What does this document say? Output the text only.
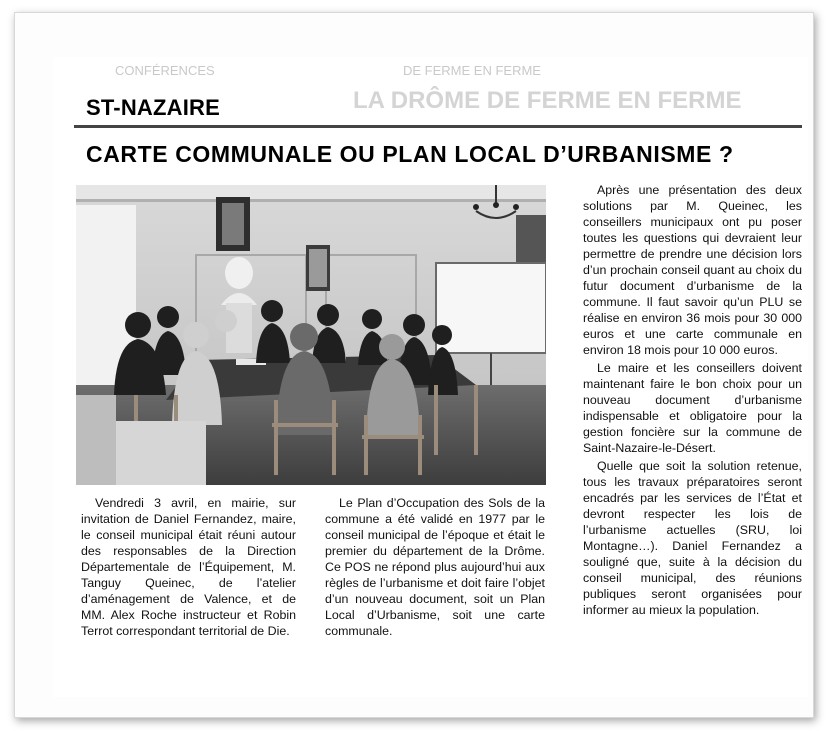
CONFÉRENCES	DE FERME EN FERME
LA DRÔME DE FERME EN FERME
ST-NAZAIRE
CARTE COMMUNALE OU PLAN LOCAL D’URBANISME ?

Vendredi 3 avril, en mairie, sur invitation de Daniel Fernandez, maire, le conseil municipal était réuni autour des responsables de la Direction Départementale de l’Équipement, M. Tanguy Queinec, de l’atelier d’aménagement de Valence, et de MM. Alex Roche instructeur et Robin Terrot correspondant territorial de Die.

Le Plan d’Occupation des Sols de la commune a été validé en 1977 par le conseil municipal de l’époque et était le premier du département de la Drôme. Ce POS ne répond plus aujourd’hui aux règles de l’urbanisme et doit faire l’objet d’un nouveau document, soit un Plan Local d’Urbanisme, soit une carte communale.

Après une présentation des deux solutions par M. Queinec, les conseillers municipaux ont pu poser toutes les questions qui devraient leur permettre de prendre une décision lors d’un prochain conseil quant au choix du futur document d’urbanisme de la commune. Il faut savoir qu’un PLU se réalise en environ 36 mois pour 30 000 euros et une carte communale en environ 18 mois pour 10 000 euros.

Le maire et les conseillers doivent maintenant faire le bon choix pour un nouveau document d’urbanisme indispensable et obligatoire pour la gestion foncière sur la commune de Saint-Nazaire-le-Désert.

Quelle que soit la solution retenue, tous les travaux préparatoires seront encadrés par les services de l’État et devront respecter les lois de l’urbanisme actuelles (SRU, loi Montagne…). Daniel Fernandez a souligné que, suite à la décision du conseil municipal, des réunions publiques seront organisées pour informer au mieux la population.
